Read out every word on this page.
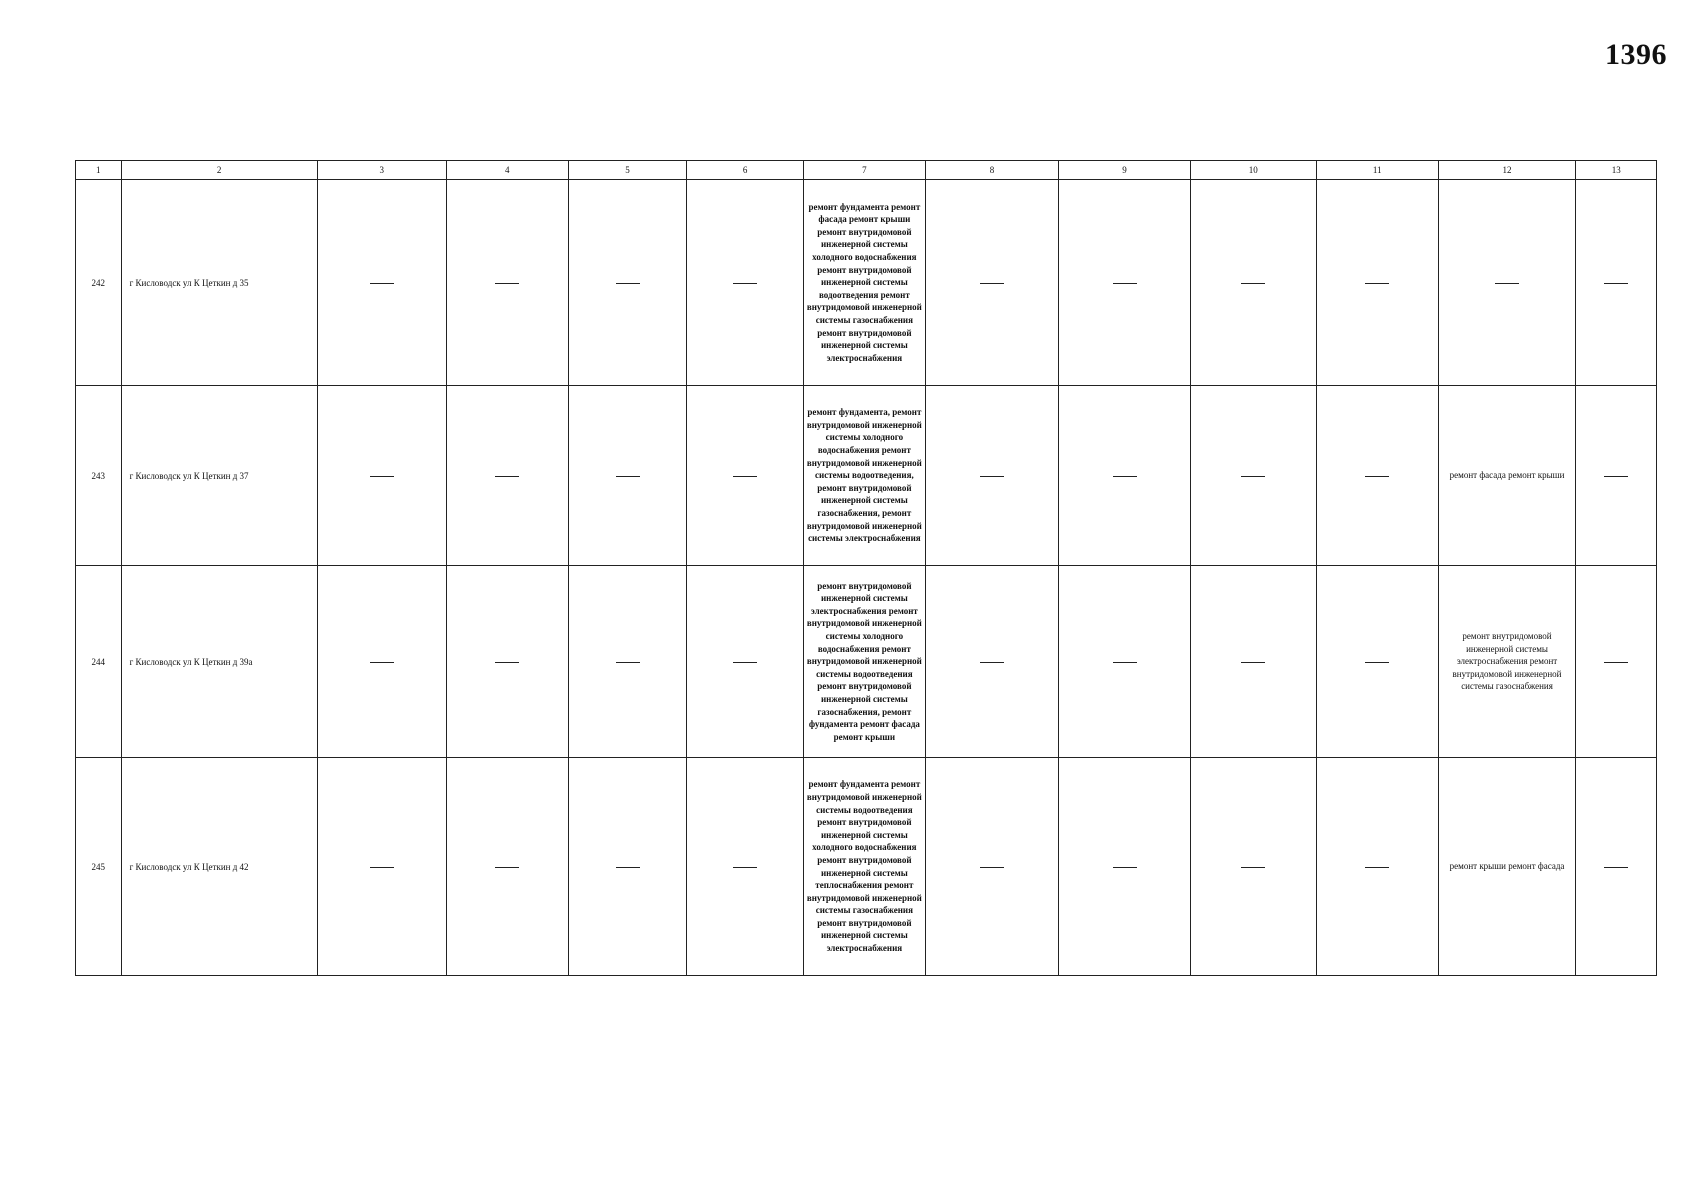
1396
1	2	3	4	5	6	7	8	9	10	11	12	13
242	г Кисловодск ул К Цеткин д 35					ремонт фундамента ремонт фасада ремонт крыши ремонт внутридомовой инженерной системы холодного водоснабжения ремонт внутридомовой инженерной системы водоотведения ремонт внутридомовой инженерной системы газоснабжения ремонт внутридомовой инженерной системы электроснабжения						
243	г Кисловодск ул К Цеткин д 37					ремонт фундамента, ремонт внутридомовой инженерной системы холодного водоснабжения ремонт внутридомовой инженерной системы водоотведения, ремонт внутридомовой инженерной системы газоснабжения, ремонт внутридомовой инженерной системы электроснабжения					ремонт фасада ремонт крыши	
244	г Кисловодск ул К Цеткин д 39а					ремонт внутридомовой инженерной системы электроснабжения ремонт внутридомовой инженерной системы холодного водоснабжения ремонт внутридомовой инженерной системы водоотведения ремонт внутридомовой инженерной системы газоснабжения, ремонт фундамента ремонт фасада ремонт крыши					ремонт внутридомовой инженерной системы электроснабжения ремонт внутридомовой инженерной системы газоснабжения	
245	г Кисловодск ул К Цеткин д 42					ремонт фундамента ремонт внутридомовой инженерной системы водоотведения ремонт внутридомовой инженерной системы холодного водоснабжения ремонт внутридомовой инженерной системы теплоснабжения ремонт внутридомовой инженерной системы газоснабжения ремонт внутридомовой инженерной системы электроснабжения					ремонт крыши ремонт фасада	
